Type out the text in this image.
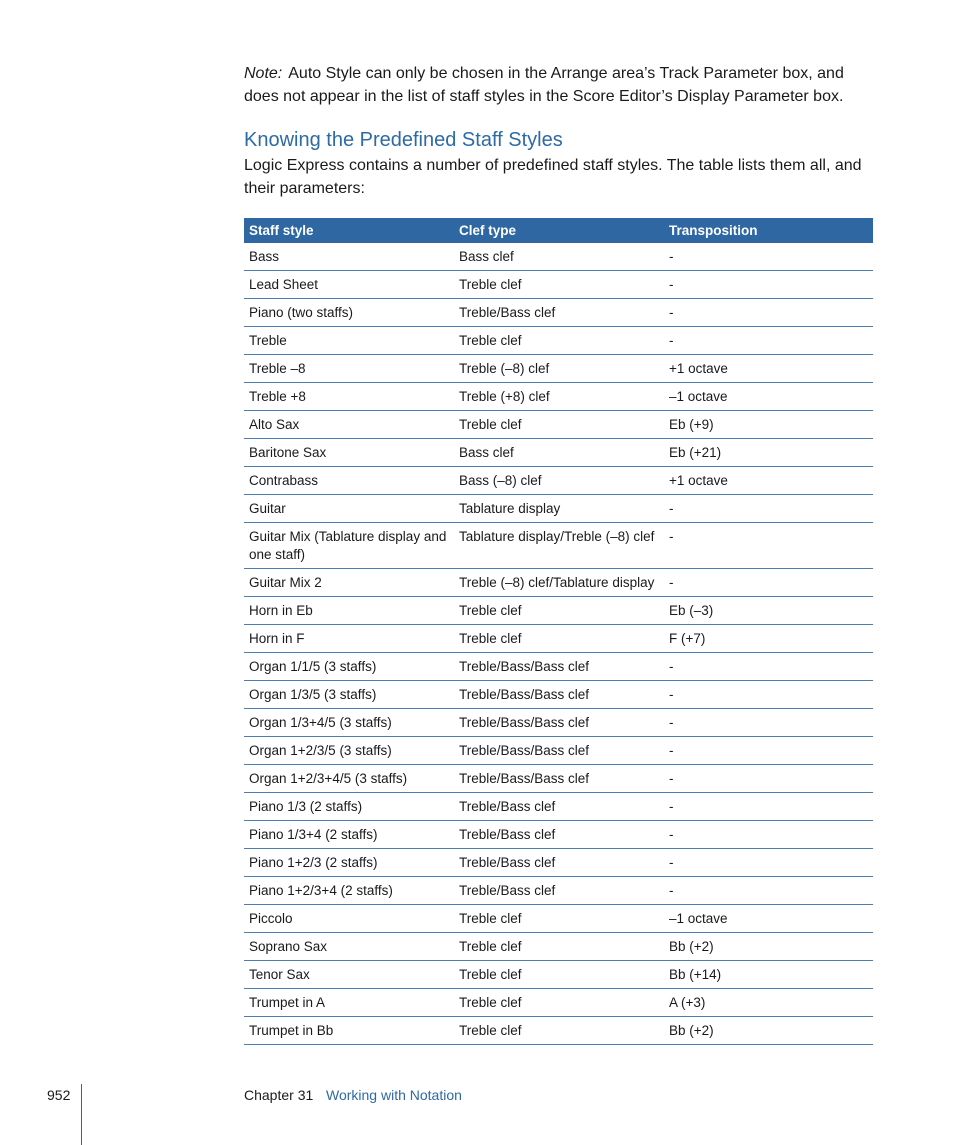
Note: Auto Style can only be chosen in the Arrange area’s Track Parameter box, and does not appear in the list of staff styles in the Score Editor’s Display Parameter box.

Knowing the Predefined Staff Styles

Logic Express contains a number of predefined staff styles. The table lists them all, and their parameters:

Staff style	Clef type	Transposition
Bass	Bass clef	-
Lead Sheet	Treble clef	-
Piano (two staffs)	Treble/Bass clef	-
Treble	Treble clef	-
Treble –8	Treble (–8) clef	+1 octave
Treble +8	Treble (+8) clef	–1 octave
Alto Sax	Treble clef	Eb (+9)
Baritone Sax	Bass clef	Eb (+21)
Contrabass	Bass (–8) clef	+1 octave
Guitar	Tablature display	-
Guitar Mix (Tablature display and one staff)	Tablature display/Treble (–8) clef	-
Guitar Mix 2	Treble (–8) clef/Tablature display	-
Horn in Eb	Treble clef	Eb (–3)
Horn in F	Treble clef	F (+7)
Organ 1/1/5 (3 staffs)	Treble/Bass/Bass clef	-
Organ 1/3/5 (3 staffs)	Treble/Bass/Bass clef	-
Organ 1/3+4/5 (3 staffs)	Treble/Bass/Bass clef	-
Organ 1+2/3/5 (3 staffs)	Treble/Bass/Bass clef	-
Organ 1+2/3+4/5 (3 staffs)	Treble/Bass/Bass clef	-
Piano 1/3 (2 staffs)	Treble/Bass clef	-
Piano 1/3+4 (2 staffs)	Treble/Bass clef	-
Piano 1+2/3 (2 staffs)	Treble/Bass clef	-
Piano 1+2/3+4 (2 staffs)	Treble/Bass clef	-
Piccolo	Treble clef	–1 octave
Soprano Sax	Treble clef	Bb (+2)
Tenor Sax	Treble clef	Bb (+14)
Trumpet in A	Treble clef	A (+3)
Trumpet in Bb	Treble clef	Bb (+2)
952	Chapter 31 Working with Notation
